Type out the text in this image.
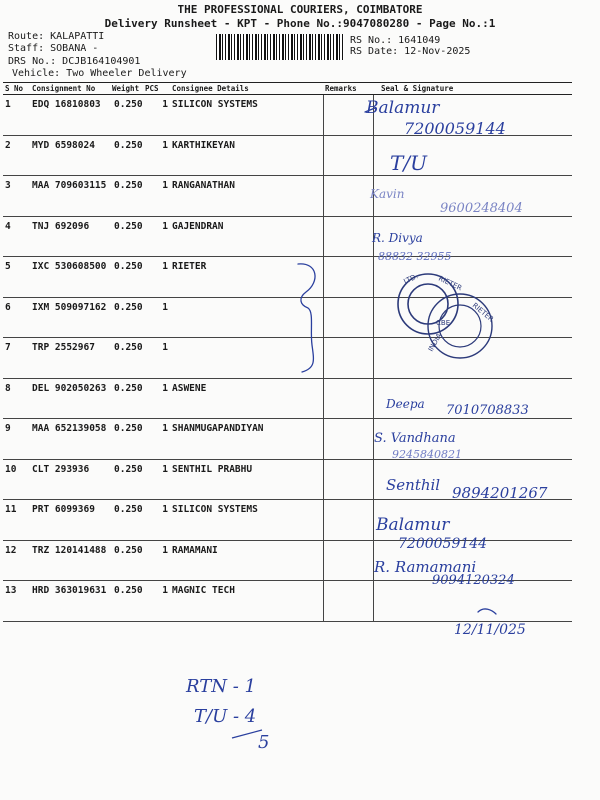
THE PROFESSIONAL COURIERS, COIMBATORE
Delivery Runsheet - KPT - Phone No.:9047080280 - Page No.:1
Route: KALAPATTI
Staff: SOBANA -
DRS No.: DCJB164104901
Vehicle: Two Wheeler Delivery
RS No.: 1641049
RS Date: 12-Nov-2025
S No	Consignment No	Weight	PCS	Consignee Details	Remarks	Seal & Signature
1	EDQ 16810803	0.250	1	SILICON SYSTEMS		
2	MYD 6598024	0.250	1	KARTHIKEYAN		
3	MAA 709603115	0.250	1	RANGANATHAN		
4	TNJ 692096	0.250	1	GAJENDRAN		
5	IXC 530608500	0.250	1	RIETER		
6	IXM 509097162	0.250	1			
7	TRP 2552967	0.250	1			
8	DEL 902050263	0.250	1	ASWENE		
9	MAA 652139058	0.250	1	SHANMUGAPANDIYAN		
10	CLT 293936	0.250	1	SENTHIL PRABHU		
11	PRT 6099369	0.250	1	SILICON SYSTEMS		
12	TRZ 120141488	0.250	1	RAMAMANI		
13	HRD 363019631	0.250	1	MAGNIC TECH		
LTD.	RIETER
CBE	RIETER
INDIA
Balamur
7200059144
T/U
Kavin
9600248404
R. Divya
88832 32955
Deepa 7010708833
S. Vandhana
9245840821
Senthil 9894201267
Balamur
7200059144
R. Ramamani
9094120324
12/11/025
RTN - 1
T/U - 4
5
